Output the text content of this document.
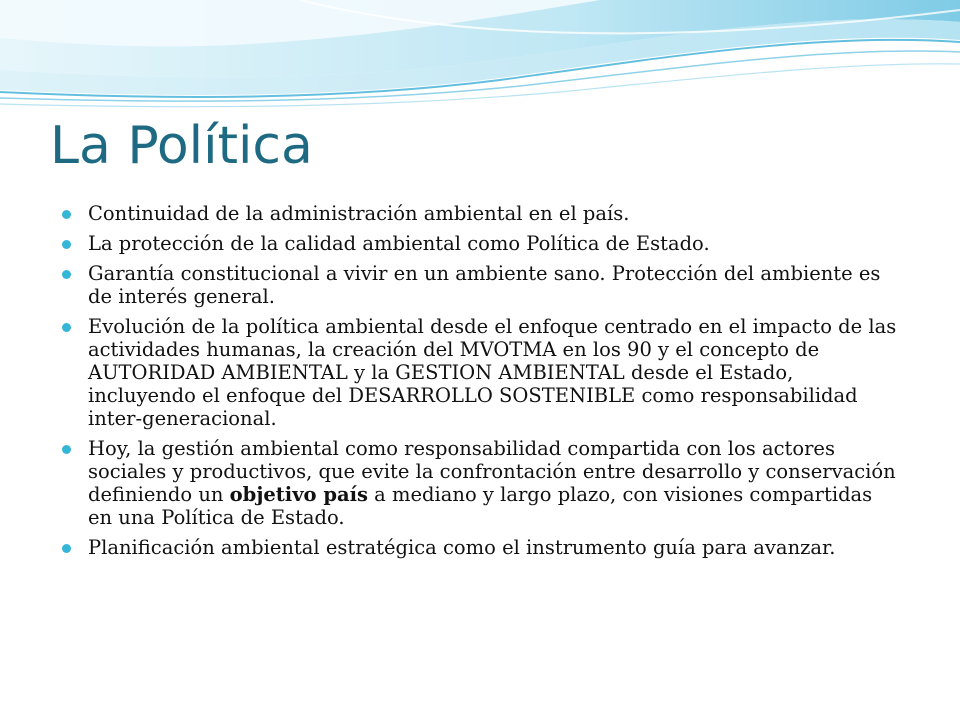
La Política
Continuidad de la administración ambiental en el país.
La protección de la calidad ambiental como Política de Estado.
Garantía constitucional a vivir en un ambiente sano. Protección del ambiente es de interés general.
Evolución de la política ambiental desde el enfoque centrado en el impacto de las actividades humanas, la creación del MVOTMA en los 90 y el concepto de AUTORIDAD AMBIENTAL y la GESTION AMBIENTAL desde el Estado, incluyendo el enfoque del DESARROLLO SOSTENIBLE como responsabilidad inter-generacional.
Hoy, la gestión ambiental como responsabilidad compartida con los actores sociales y productivos, que evite la confrontación entre desarrollo y conservación definiendo un objetivo país a mediano y largo plazo, con visiones compartidas en una Política de Estado.
Planificación ambiental estratégica como el instrumento guía para avanzar.
